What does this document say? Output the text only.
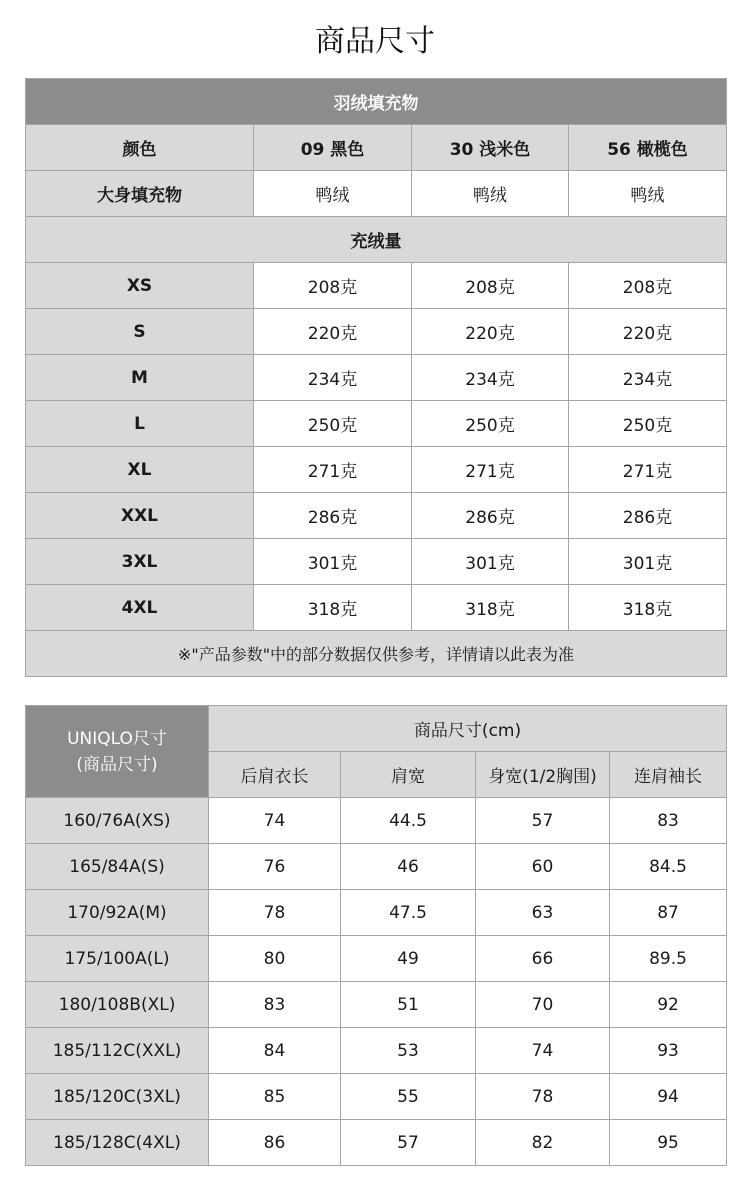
商品尺寸
羽绒填充物			
颜色	09 黑色	30 浅米色	56 橄榄色
大身填充物	鸭绒	鸭绒	鸭绒
充绒量			
XS	208克	208克	208克
S	220克	220克	220克
M	234克	234克	234克
L	250克	250克	250克
XL	271克	271克	271克
XXL	286克	286克	286克
3XL	301克	301克	301克
4XL	318克	318克	318克
※"产品参数"中的部分数据仅供参考，详情请以此表为准			
UNIQLO尺寸
(商品尺寸)	商品尺寸(cm)			
	后肩衣长	肩宽	身宽(1/2胸围)	连肩袖长
160/76A(XS)	74	44.5	57	83
165/84A(S)	76	46	60	84.5
170/92A(M)	78	47.5	63	87
175/100A(L)	80	49	66	89.5
180/108B(XL)	83	51	70	92
185/112C(XXL)	84	53	74	93
185/120C(3XL)	85	55	78	94
185/128C(4XL)	86	57	82	95
